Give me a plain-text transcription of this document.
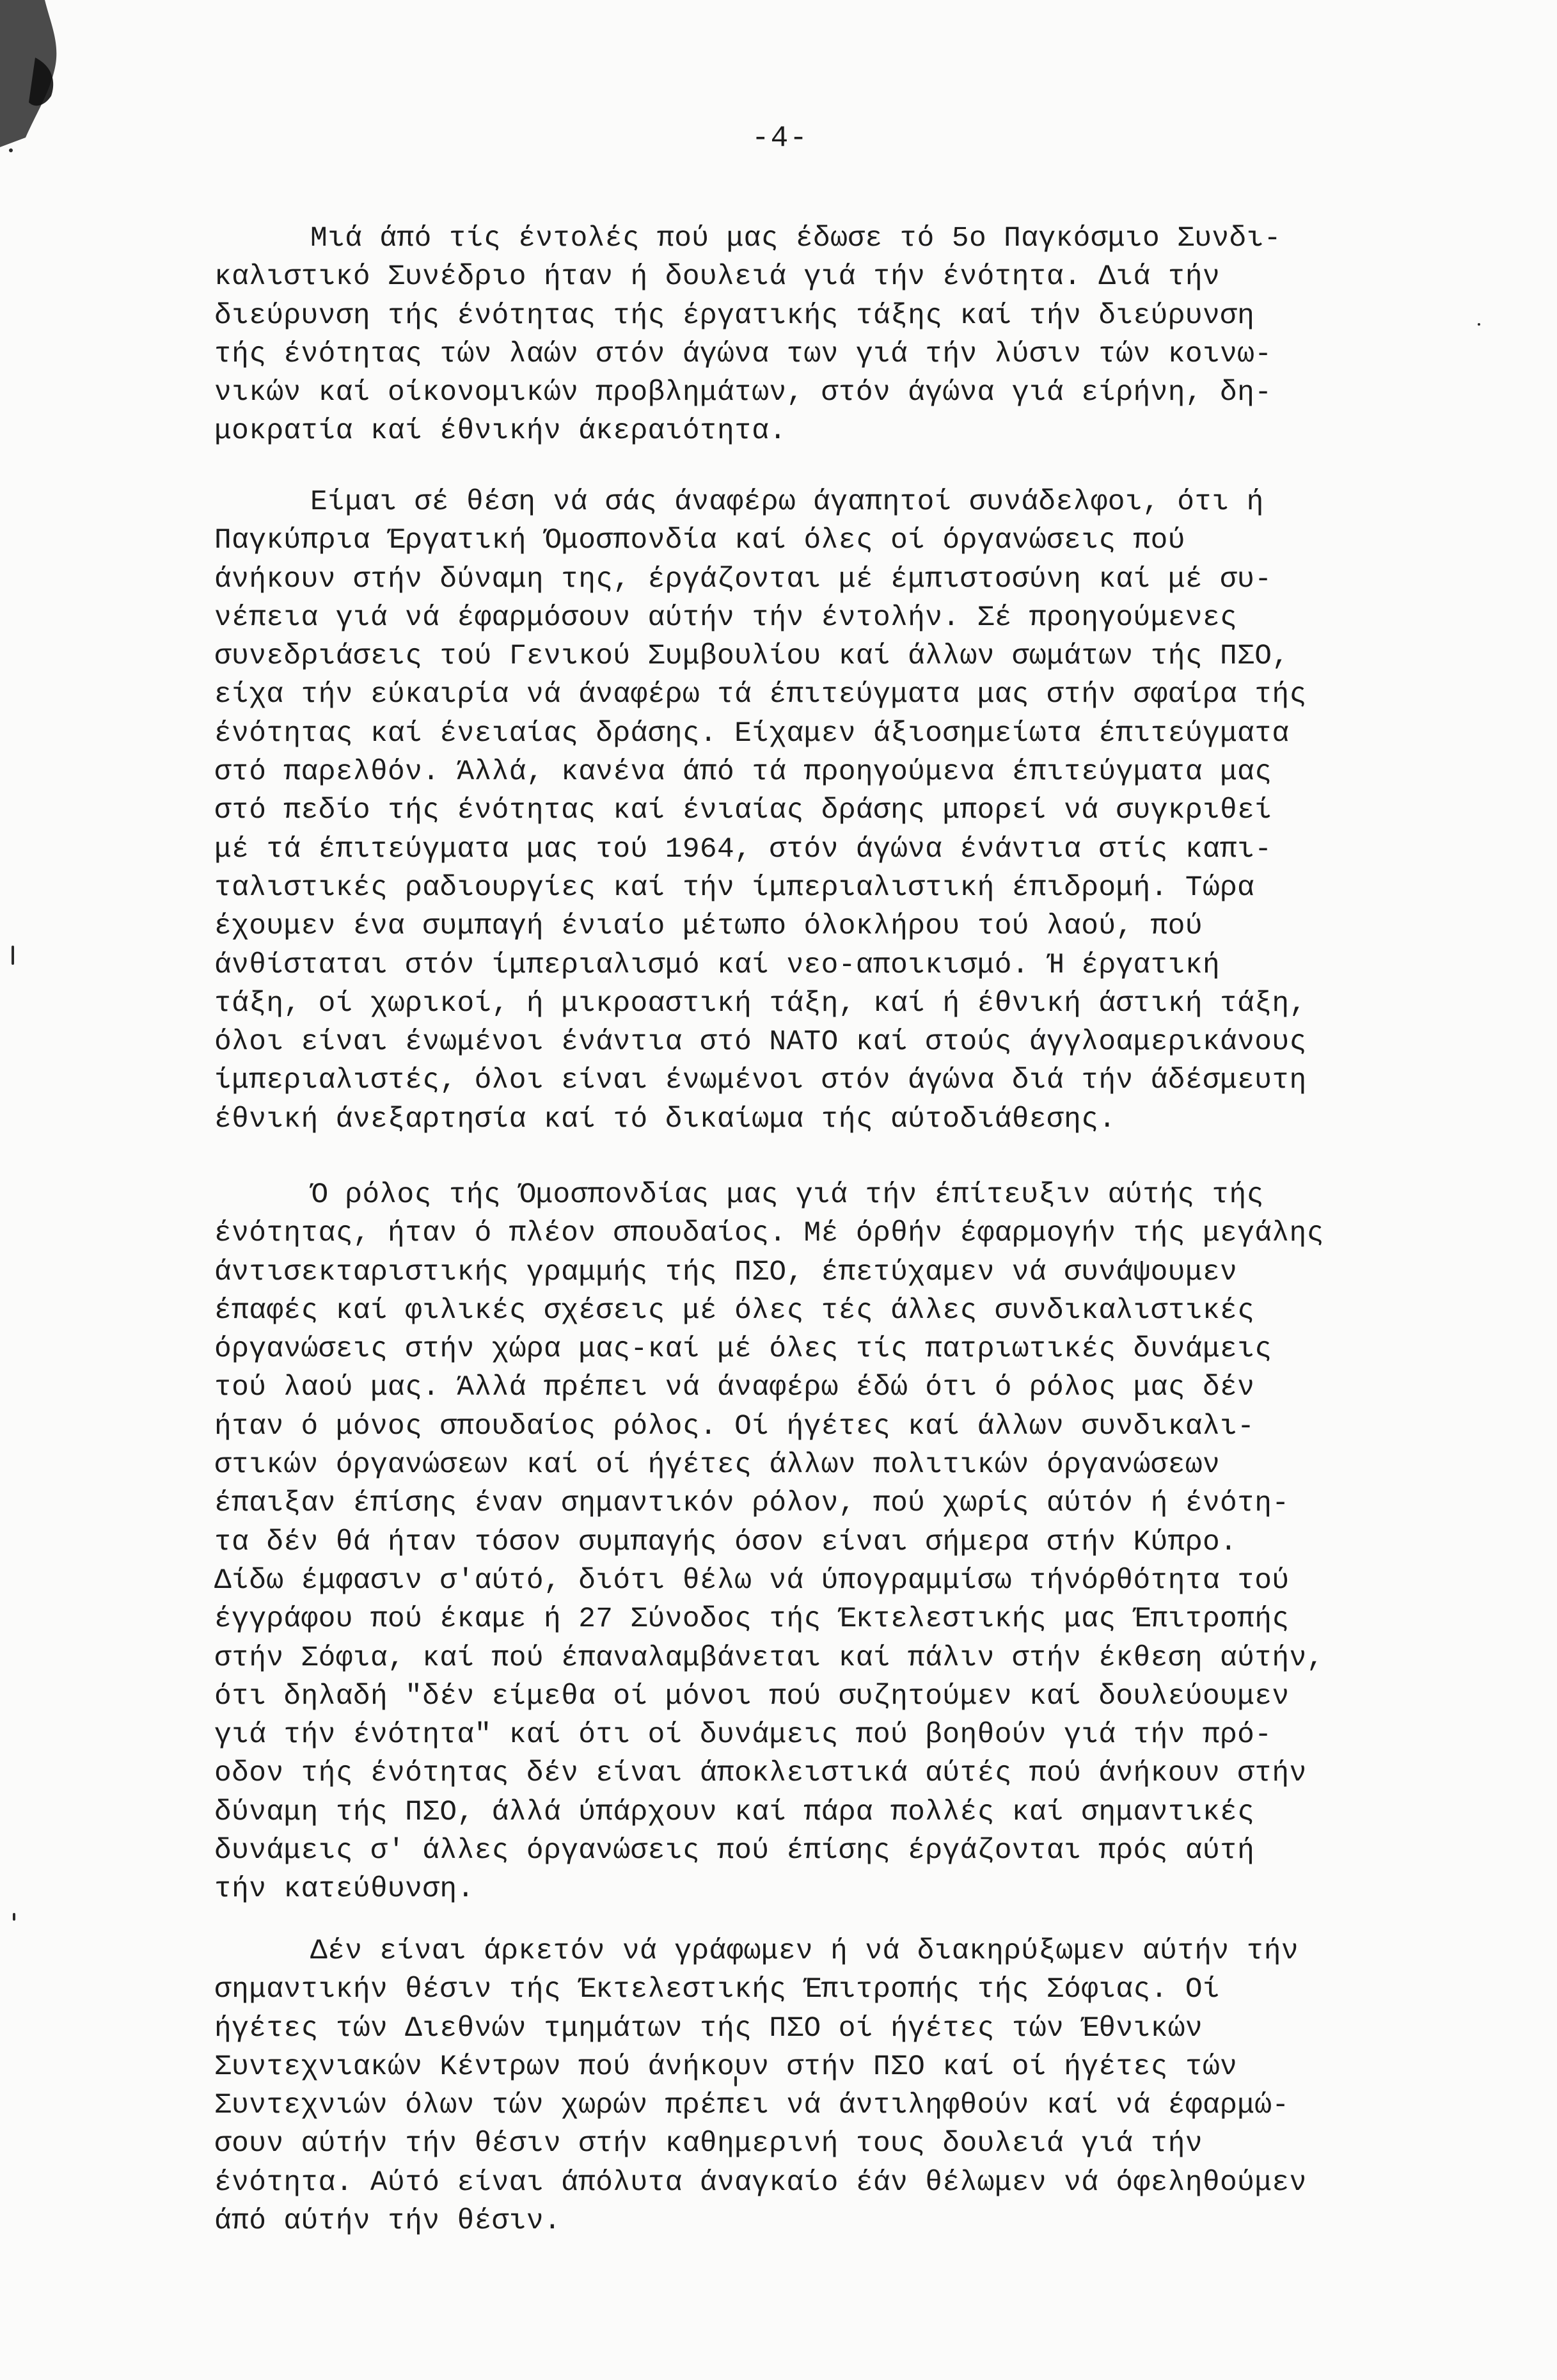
-4-
Μιά άπό τίς έντολές πού μας έδωσε τό 5ο Παγκόσμιο Συνδι-
καλιστικό Συνέδριο ήταν ή δουλειά γιά τήν ένότητα. Διά τήν
διεύρυνση τής ένότητας τής έργατικής τάξης καί τήν διεύρυνση
τής ένότητας τών λαών στόν άγώνα των γιά τήν λύσιν τών κοινω-
νικών καί οίκονομικών προβλημάτων, στόν άγώνα γιά είρήνη, δη-
μοκρατία καί έθνικήν άκεραιότητα.
Είμαι σέ θέση νά σάς άναφέρω άγαπητοί συνάδελφοι, ότι ή
Παγκύπρια Έργατική Όμοσπονδία καί όλες οί όργανώσεις πού
άνήκουν στήν δύναμη της, έργάζονται μέ έμπιστοσύνη καί μέ συ-
νέπεια γιά νά έφαρμόσουν αύτήν τήν έντολήν. Σέ προηγούμενες
συνεδριάσεις τού Γενικού Συμβουλίου καί άλλων σωμάτων τής ΠΣΟ,
είχα τήν εύκαιρία νά άναφέρω τά έπιτεύγματα μας στήν σφαίρα τής
ένότητας καί ένειαίας δράσης. Είχαμεν άξιοσημείωτα έπιτεύγματα
στό παρελθόν. Άλλά, κανένα άπό τά προηγούμενα έπιτεύγματα μας
στό πεδίο τής ένότητας καί ένιαίας δράσης μπορεί νά συγκριθεί
μέ τά έπιτεύγματα μας τού 1964, στόν άγώνα ένάντια στίς καπι-
ταλιστικές ραδιουργίες καί τήν ίμπεριαλιστική έπιδρομή. Τώρα
έχουμεν ένα συμπαγή ένιαίο μέτωπο όλοκλήρου τού λαού, πού
άνθίσταται στόν ίμπεριαλισμό καί νεο-αποικισμό. Ή έργατική
τάξη, οί χωρικοί, ή μικροαστική τάξη, καί ή έθνική άστική τάξη,
όλοι είναι ένωμένοι ένάντια στό ΝΑΤΟ καί στούς άγγλοαμερικάνους
ίμπεριαλιστές, όλοι είναι ένωμένοι στόν άγώνα διά τήν άδέσμευτη
έθνική άνεξαρτησία καί τό δικαίωμα τής αύτοδιάθεσης.
Ό ρόλος τής Όμοσπονδίας μας γιά τήν έπίτευξιν αύτής τής
ένότητας, ήταν ό πλέον σπουδαίος. Μέ όρθήν έφαρμογήν τής μεγάλης
άντισεκταριστικής γραμμής τής ΠΣΟ, έπετύχαμεν νά συνάψουμεν
έπαφές καί φιλικές σχέσεις μέ όλες τές άλλες συνδικαλιστικές
όργανώσεις στήν χώρα μας-καί μέ όλες τίς πατριωτικές δυνάμεις
τού λαού μας. Άλλά πρέπει νά άναφέρω έδώ ότι ό ρόλος μας δέν
ήταν ό μόνος σπουδαίος ρόλος. Οί ήγέτες καί άλλων συνδικαλι-
στικών όργανώσεων καί οί ήγέτες άλλων πολιτικών όργανώσεων
έπαιξαν έπίσης έναν σημαντικόν ρόλον, πού χωρίς αύτόν ή ένότη-
τα δέν θά ήταν τόσον συμπαγής όσον είναι σήμερα στήν Κύπρο.
Δίδω έμφασιν σ'αύτό, διότι θέλω νά ύπογραμμίσω τήνόρθότητα τού
έγγράφου πού έκαμε ή 27 Σύνοδος τής Έκτελεστικής μας Έπιτροπής
στήν Σόφια, καί πού έπαναλαμβάνεται καί πάλιν στήν έκθεση αύτήν,
ότι δηλαδή "δέν είμεθα οί μόνοι πού συζητούμεν καί δουλεύουμεν
γιά τήν ένότητα" καί ότι οί δυνάμεις πού βοηθούν γιά τήν πρό-
οδον τής ένότητας δέν είναι άποκλειστικά αύτές πού άνήκουν στήν
δύναμη τής ΠΣΟ, άλλά ύπάρχουν καί πάρα πολλές καί σημαντικές
δυνάμεις σ' άλλες όργανώσεις πού έπίσης έργάζονται πρός αύτή
τήν κατεύθυνση.
Δέν είναι άρκετόν νά γράφωμεν ή νά διακηρύξωμεν αύτήν τήν
σημαντικήν θέσιν τής Έκτελεστικής Έπιτροπής τής Σόφιας. Οί
ήγέτες τών Διεθνών τμημάτων τής ΠΣΟ οί ήγέτες τών Έθνικών
Συντεχνιακών Κέντρων πού άνήκουν στήν ΠΣΟ καί οί ήγέτες τών
Συντεχνιών όλων τών χωρών πρέπει νά άντιληφθούν καί νά έφαρμώ-
σουν αύτήν τήν θέσιν στήν καθημερινή τους δουλειά γιά τήν
ένότητα. Αύτό είναι άπόλυτα άναγκαίο έάν θέλωμεν νά όφεληθούμεν
άπό αύτήν τήν θέσιν.
